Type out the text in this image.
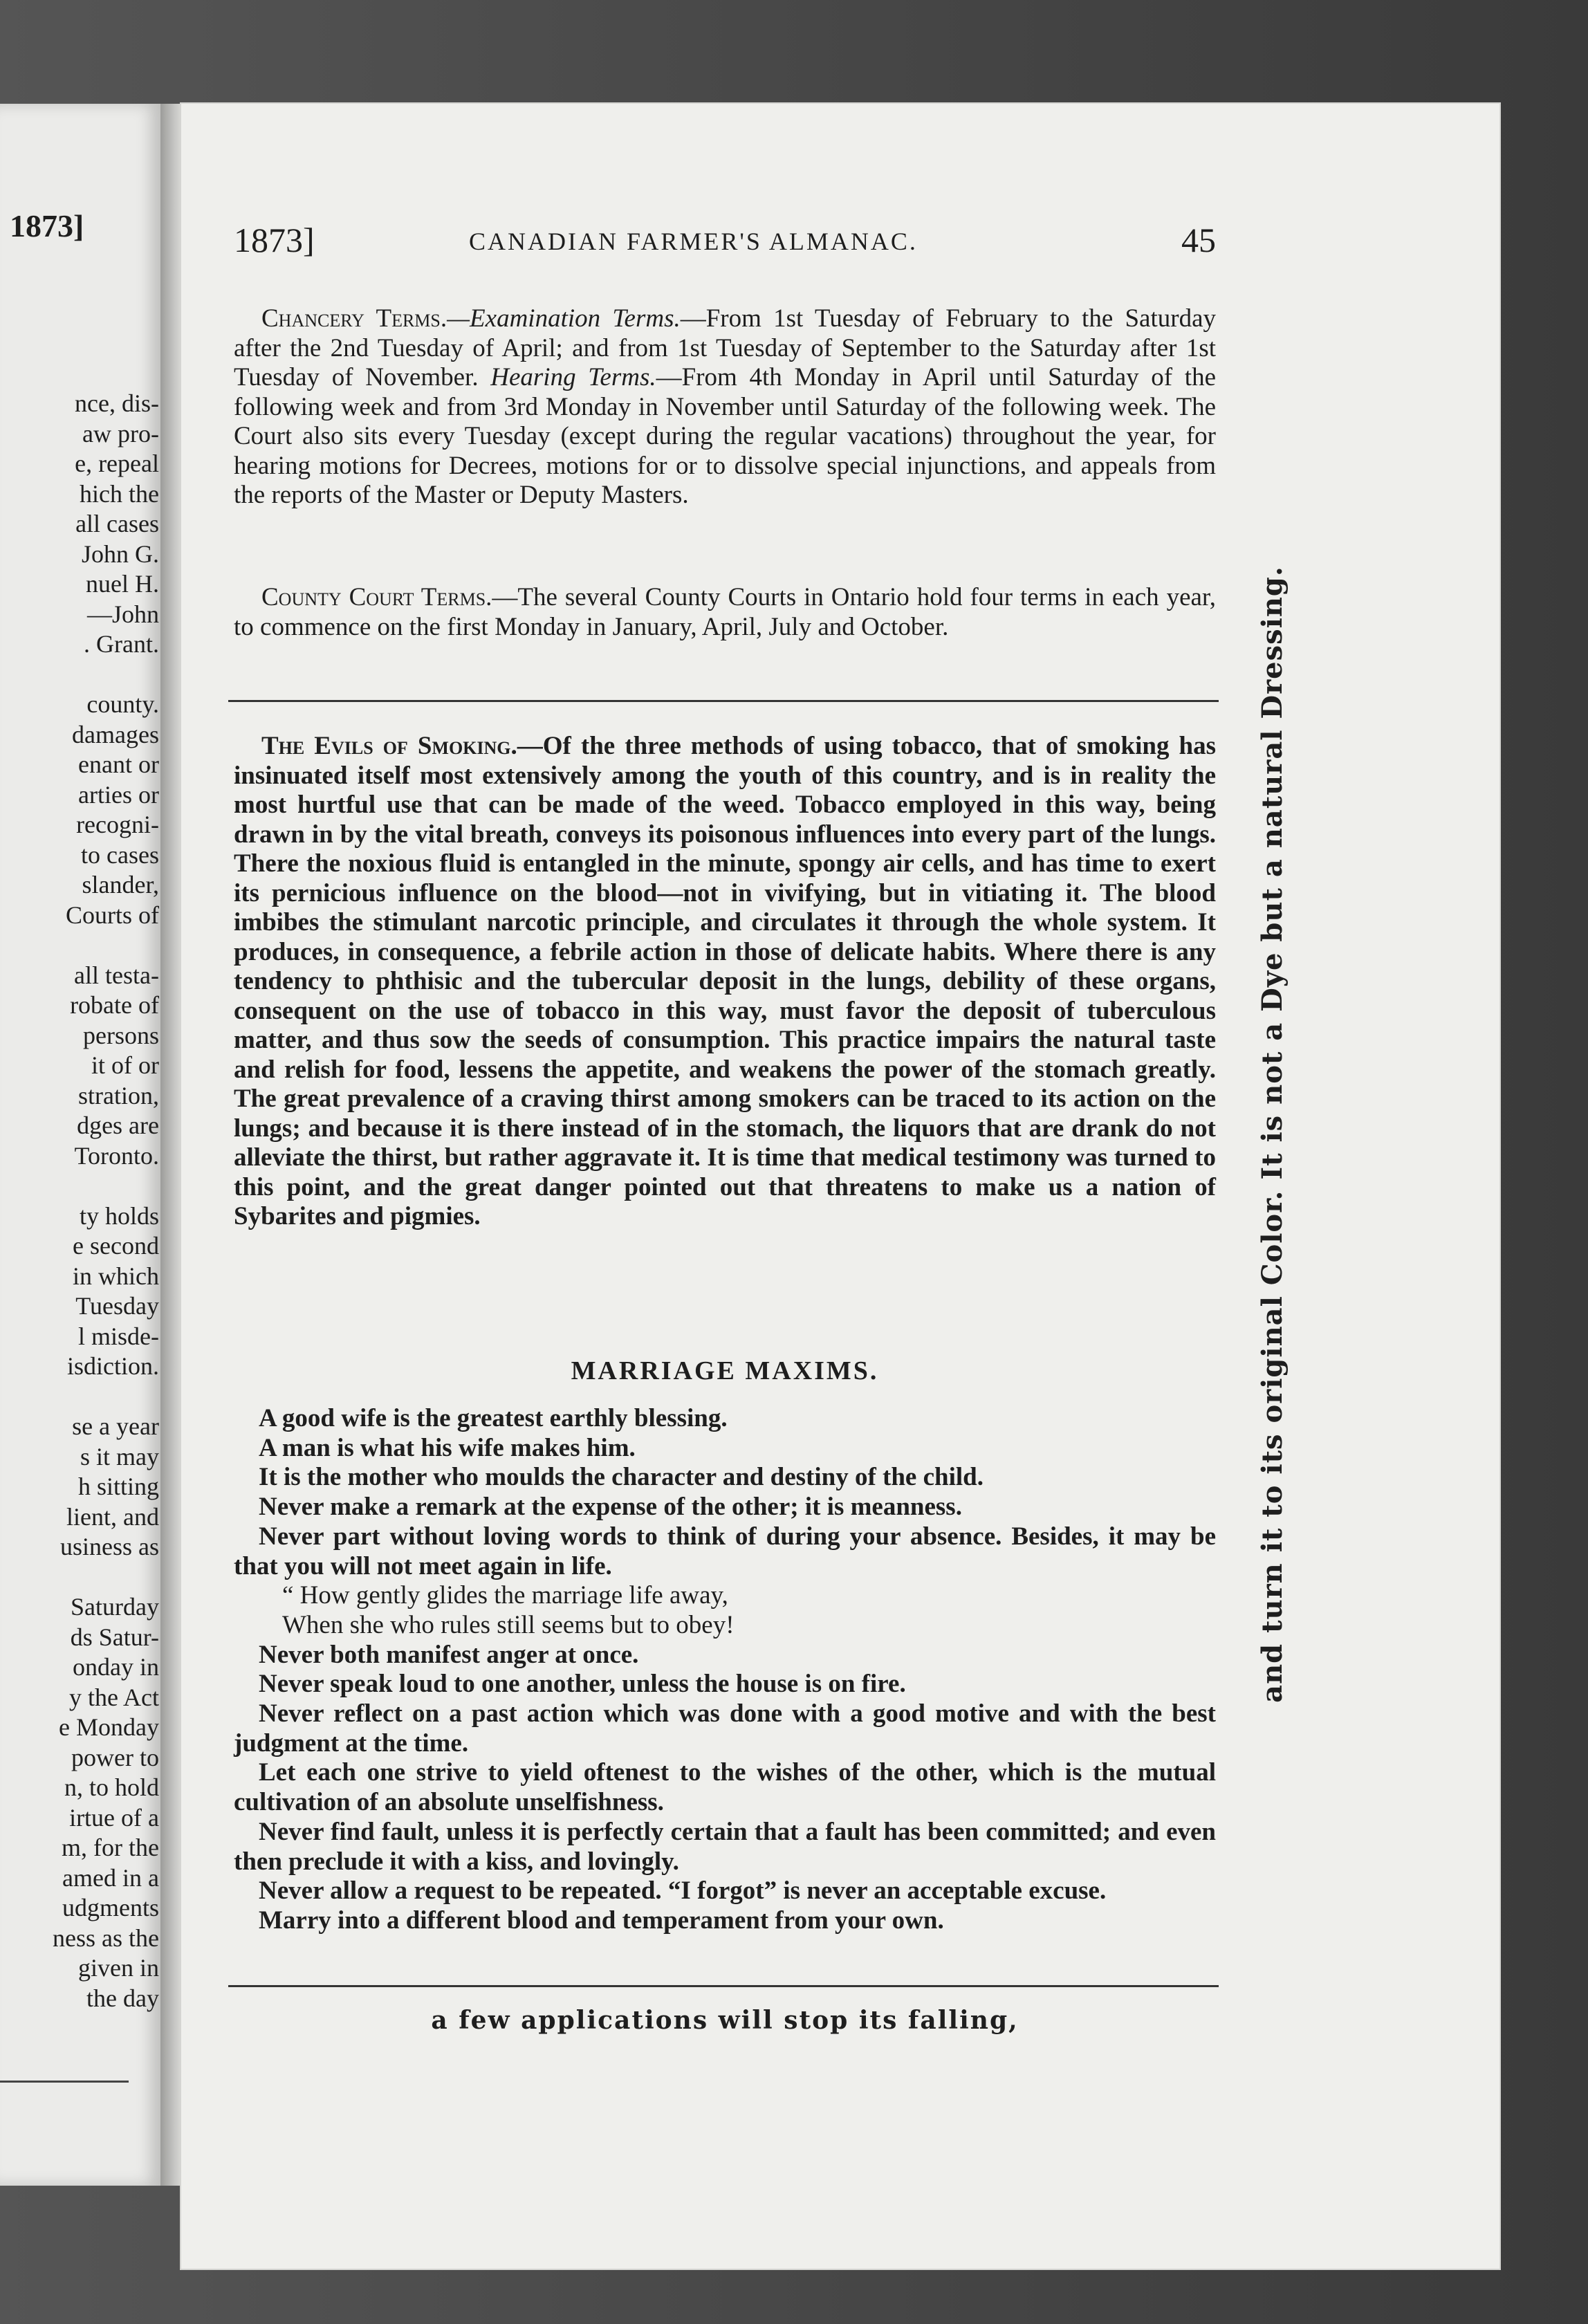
1873]
nce, dis-
aw pro-
e, repeal
hich the
all cases
John G.
nuel H.
—John
. Grant.
county.
damages
enant or
arties or
recogni-
to cases
slander,
Courts of
all testa-
robate of
persons
it of or
stration,
dges are
Toronto.
ty holds
e second
in which
Tuesday
l misde-
isdiction.
se a year
s it may
h sitting
lient, and
usiness as
Saturday
ds Satur-
onday in
y the Act
e Monday
power to
n, to hold
irtue of a
m, for the
amed in a
udgments
ness as the
given in
the day
1873]	CANADIAN FARMER'S ALMANAC.	45

Chancery Terms.—Examination Terms.—From 1st Tuesday of February to the Saturday after the 2nd Tuesday of April; and from 1st Tuesday of September to the Saturday after 1st Tuesday of November. Hearing Terms.—From 4th Monday in April until Saturday of the following week and from 3rd Monday in November until Saturday of the following week. The Court also sits every Tuesday (except during the regular vacations) throughout the year, for hearing motions for Decrees, motions for or to dissolve special injunctions, and appeals from the reports of the Master or Deputy Masters.

County Court Terms.—The several County Courts in Ontario hold four terms in each year, to commence on the first Monday in January, April, July and October.

The Evils of Smoking.—Of the three methods of using tobacco, that of smoking has insinuated itself most extensively among the youth of this country, and is in reality the most hurtful use that can be made of the weed. Tobacco employed in this way, being drawn in by the vital breath, conveys its poisonous influences into every part of the lungs. There the noxious fluid is entangled in the minute, spongy air cells, and has time to exert its pernicious influence on the blood—not in vivifying, but in vitiating it. The blood imbibes the stimulant narcotic principle, and circulates it through the whole system. It produces, in consequence, a febrile action in those of delicate habits. Where there is any tendency to phthisic and the tubercular deposit in the lungs, debility of these organs, consequent on the use of tobacco in this way, must favor the deposit of tuberculous matter, and thus sow the seeds of consumption. This practice impairs the natural taste and relish for food, lessens the appetite, and weakens the power of the stomach greatly. The great prevalence of a craving thirst among smokers can be traced to its action on the lungs; and because it is there instead of in the stomach, the liquors that are drank do not alleviate the thirst, but rather aggravate it. It is time that medical testimony was turned to this point, and the great danger pointed out that threatens to make us a nation of Sybarites and pigmies.

MARRIAGE MAXIMS.

A good wife is the greatest earthly blessing.

A man is what his wife makes him.

It is the mother who moulds the character and destiny of the child.

Never make a remark at the expense of the other; it is meanness.

Never part without loving words to think of during your absence. Besides, it may be that you will not meet again in life.

“ How gently glides the marriage life away,

When she who rules still seems but to obey!

Never both manifest anger at once.

Never speak loud to one another, unless the house is on fire.

Never reflect on a past action which was done with a good motive and with the best judgment at the time.

Let each one strive to yield oftenest to the wishes of the other, which is the mutual cultivation of an absolute unselfishness.

Never find fault, unless it is perfectly certain that a fault has been committed; and even then preclude it with a kiss, and lovingly.

Never allow a request to be repeated. “I forgot” is never an acceptable excuse.

Marry into a different blood and temperament from your own.

a few applications will stop its falling,
and turn it to its original Color. It is not a Dye but a natural Dressing.
